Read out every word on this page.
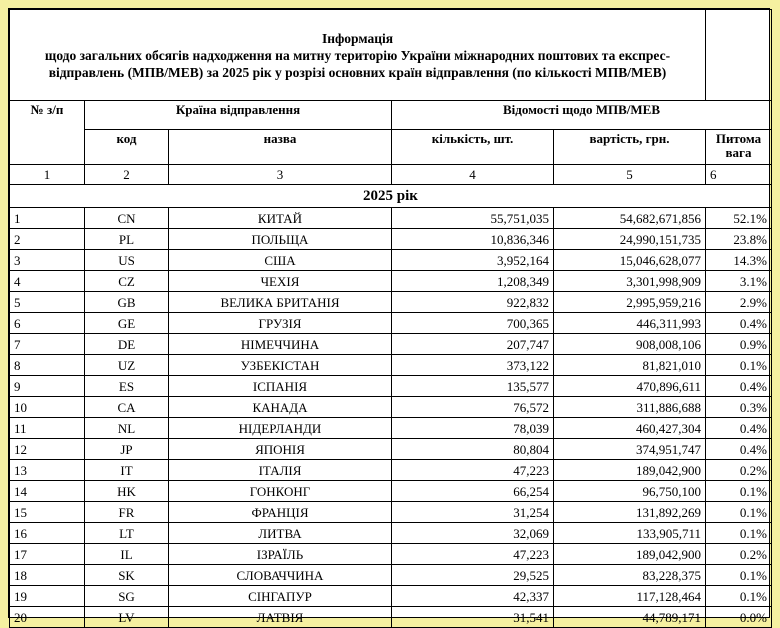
Інформація
щодо загальних обсягів надходження на митну територію України міжнародних поштових та експрес-відправлень (МПВ/МЕВ) за 2025 рік у розрізі основних країн відправлення (по кількості МПВ/МЕВ)					

№ з/п	Країна відправлення		Відомості щодо МПВ/МЕВ		
	код	назва	кількість, шт.	вартість, грн.	Питома вага
1	2	3	4	5	6
2025 рік					
1	CN	КИТАЙ	55,751,035	54,682,671,856	52.1%
2	PL	ПОЛЬЩА	10,836,346	24,990,151,735	23.8%
3	US	США	3,952,164	15,046,628,077	14.3%
4	CZ	ЧЕХІЯ	1,208,349	3,301,998,909	3.1%
5	GB	ВЕЛИКА БРИТАНІЯ	922,832	2,995,959,216	2.9%
6	GE	ГРУЗІЯ	700,365	446,311,993	0.4%
7	DE	НІМЕЧЧИНА	207,747	908,008,106	0.9%
8	UZ	УЗБЕКІСТАН	373,122	81,821,010	0.1%
9	ES	ІСПАНІЯ	135,577	470,896,611	0.4%
10	CA	КАНАДА	76,572	311,886,688	0.3%
11	NL	НІДЕРЛАНДИ	78,039	460,427,304	0.4%
12	JP	ЯПОНІЯ	80,804	374,951,747	0.4%
13	IT	ІТАЛІЯ	47,223	189,042,900	0.2%
14	HK	ГОНКОНГ	66,254	96,750,100	0.1%
15	FR	ФРАНЦІЯ	31,254	131,892,269	0.1%
16	LT	ЛИТВА	32,069	133,905,711	0.1%
17	IL	ІЗРАЇЛЬ	47,223	189,042,900	0.2%
18	SK	СЛОВАЧЧИНА	29,525	83,228,375	0.1%
19	SG	СІНГАПУР	42,337	117,128,464	0.1%
20	LV	ЛАТВІЯ	31,541	44,789,171	0.0%
